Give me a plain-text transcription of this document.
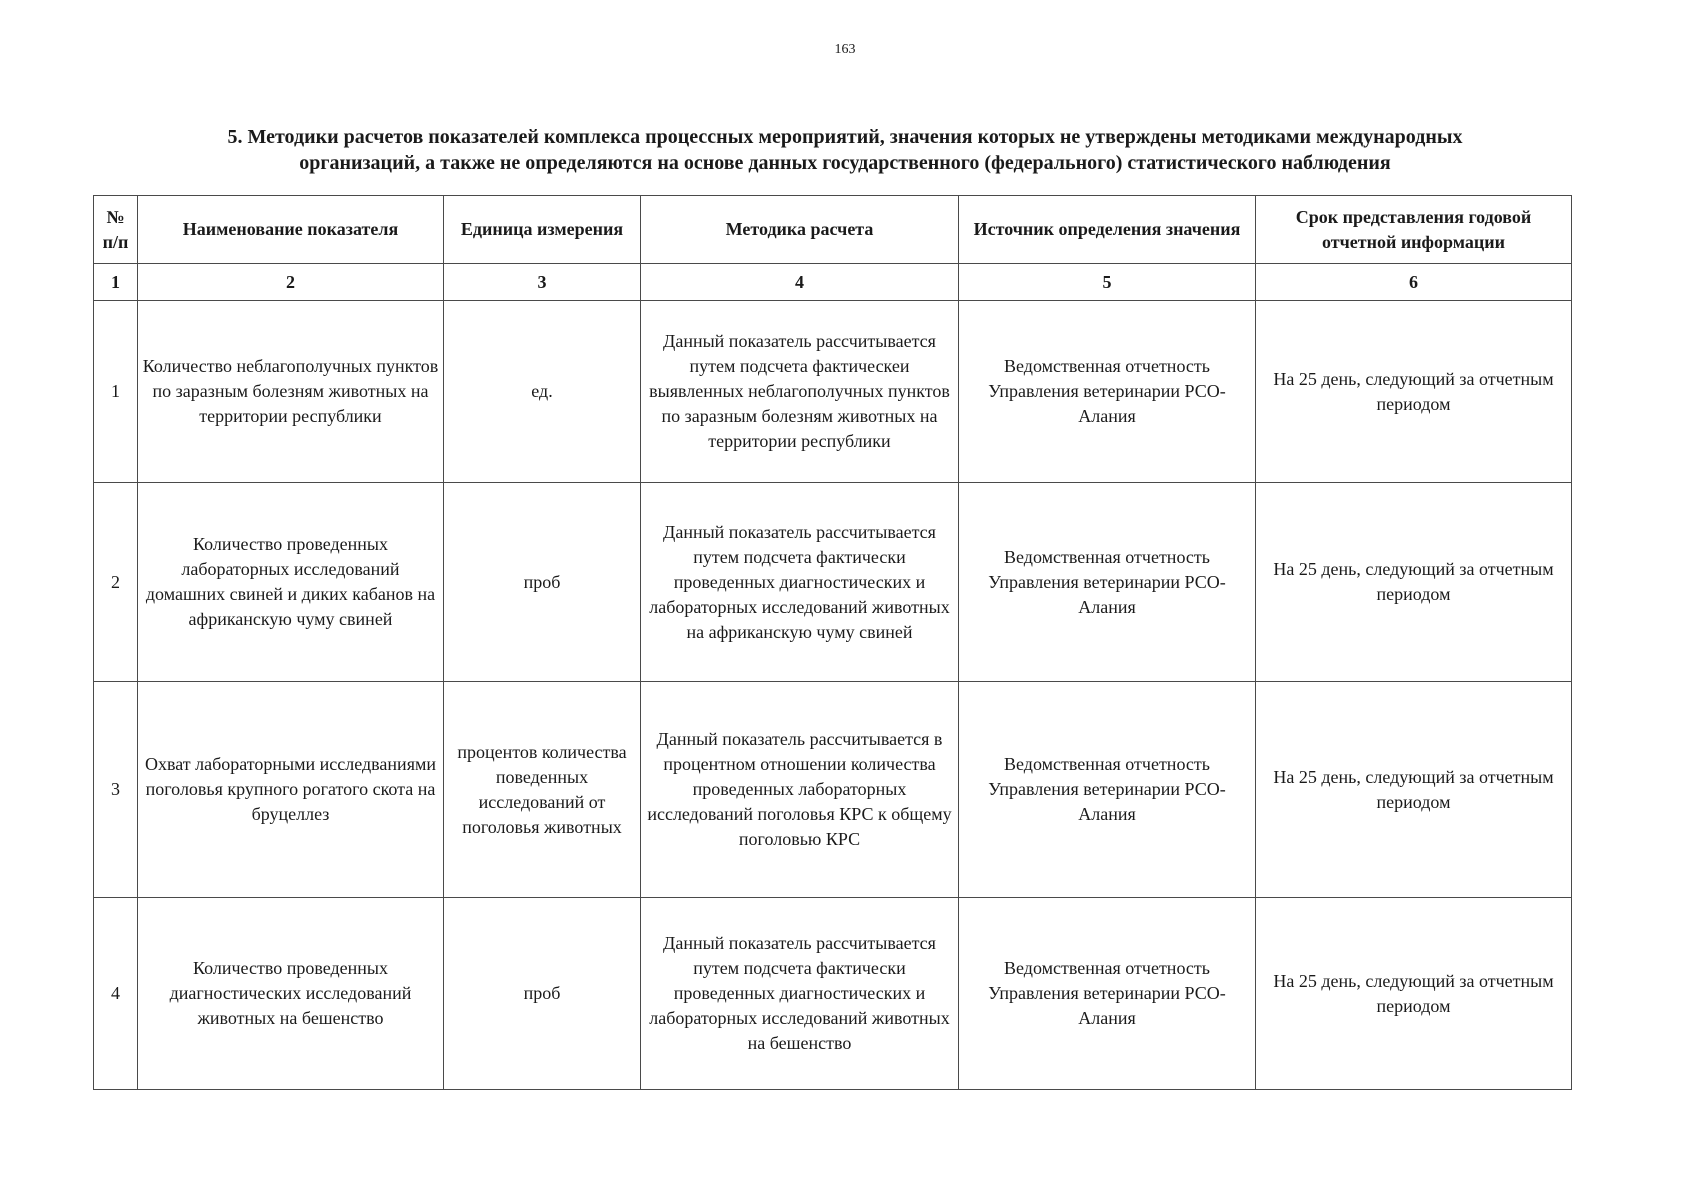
163
5. Методики расчетов показателей комплекса процессных мероприятий, значения которых не утверждены методиками международных
организаций, а также не определяются на основе данных государственного (федерального) статистического наблюдения
№ п/п	Наименование показателя	Единица измерения	Методика расчета	Источник определения значения	Срок представления годовой отчетной информации
1	2	3	4	5	6
1	Количество неблагополучных пунктов по заразным болезням животных на территории республики	ед.	Данный показатель рассчитывается путем подсчета фактическеи выявленных неблагополучных пунктов по заразным болезням животных на территории республики	Ведомственная отчетность Управления ветеринарии РСО-Алания	На 25 день, следующий за отчетным периодом
2	Количество проведенных лабораторных исследований домашних свиней и диких кабанов на африканскую чуму свиней	проб	Данный показатель рассчитывается путем подсчета фактически проведенных диагностических и лабораторных исследований животных на африканскую чуму свиней	Ведомственная отчетность Управления ветеринарии РСО-Алания	На 25 день, следующий за отчетным периодом
3	Охват лабораторными исследваниями поголовья крупного рогатого скота на бруцеллез	процентов количества поведенных исследований от поголовья животных	Данный показатель рассчитывается в процентном отношении количества проведенных лабораторных исследований поголовья КРС к общему поголовью КРС	Ведомственная отчетность Управления ветеринарии РСО-Алания	На 25 день, следующий за отчетным периодом
4	Количество проведенных диагностических исследований животных на бешенство	проб	Данный показатель рассчитывается путем подсчета фактически проведенных диагностических и лабораторных исследований животных на бешенство	Ведомственная отчетность Управления ветеринарии РСО-Алания	На 25 день, следующий за отчетным периодом
